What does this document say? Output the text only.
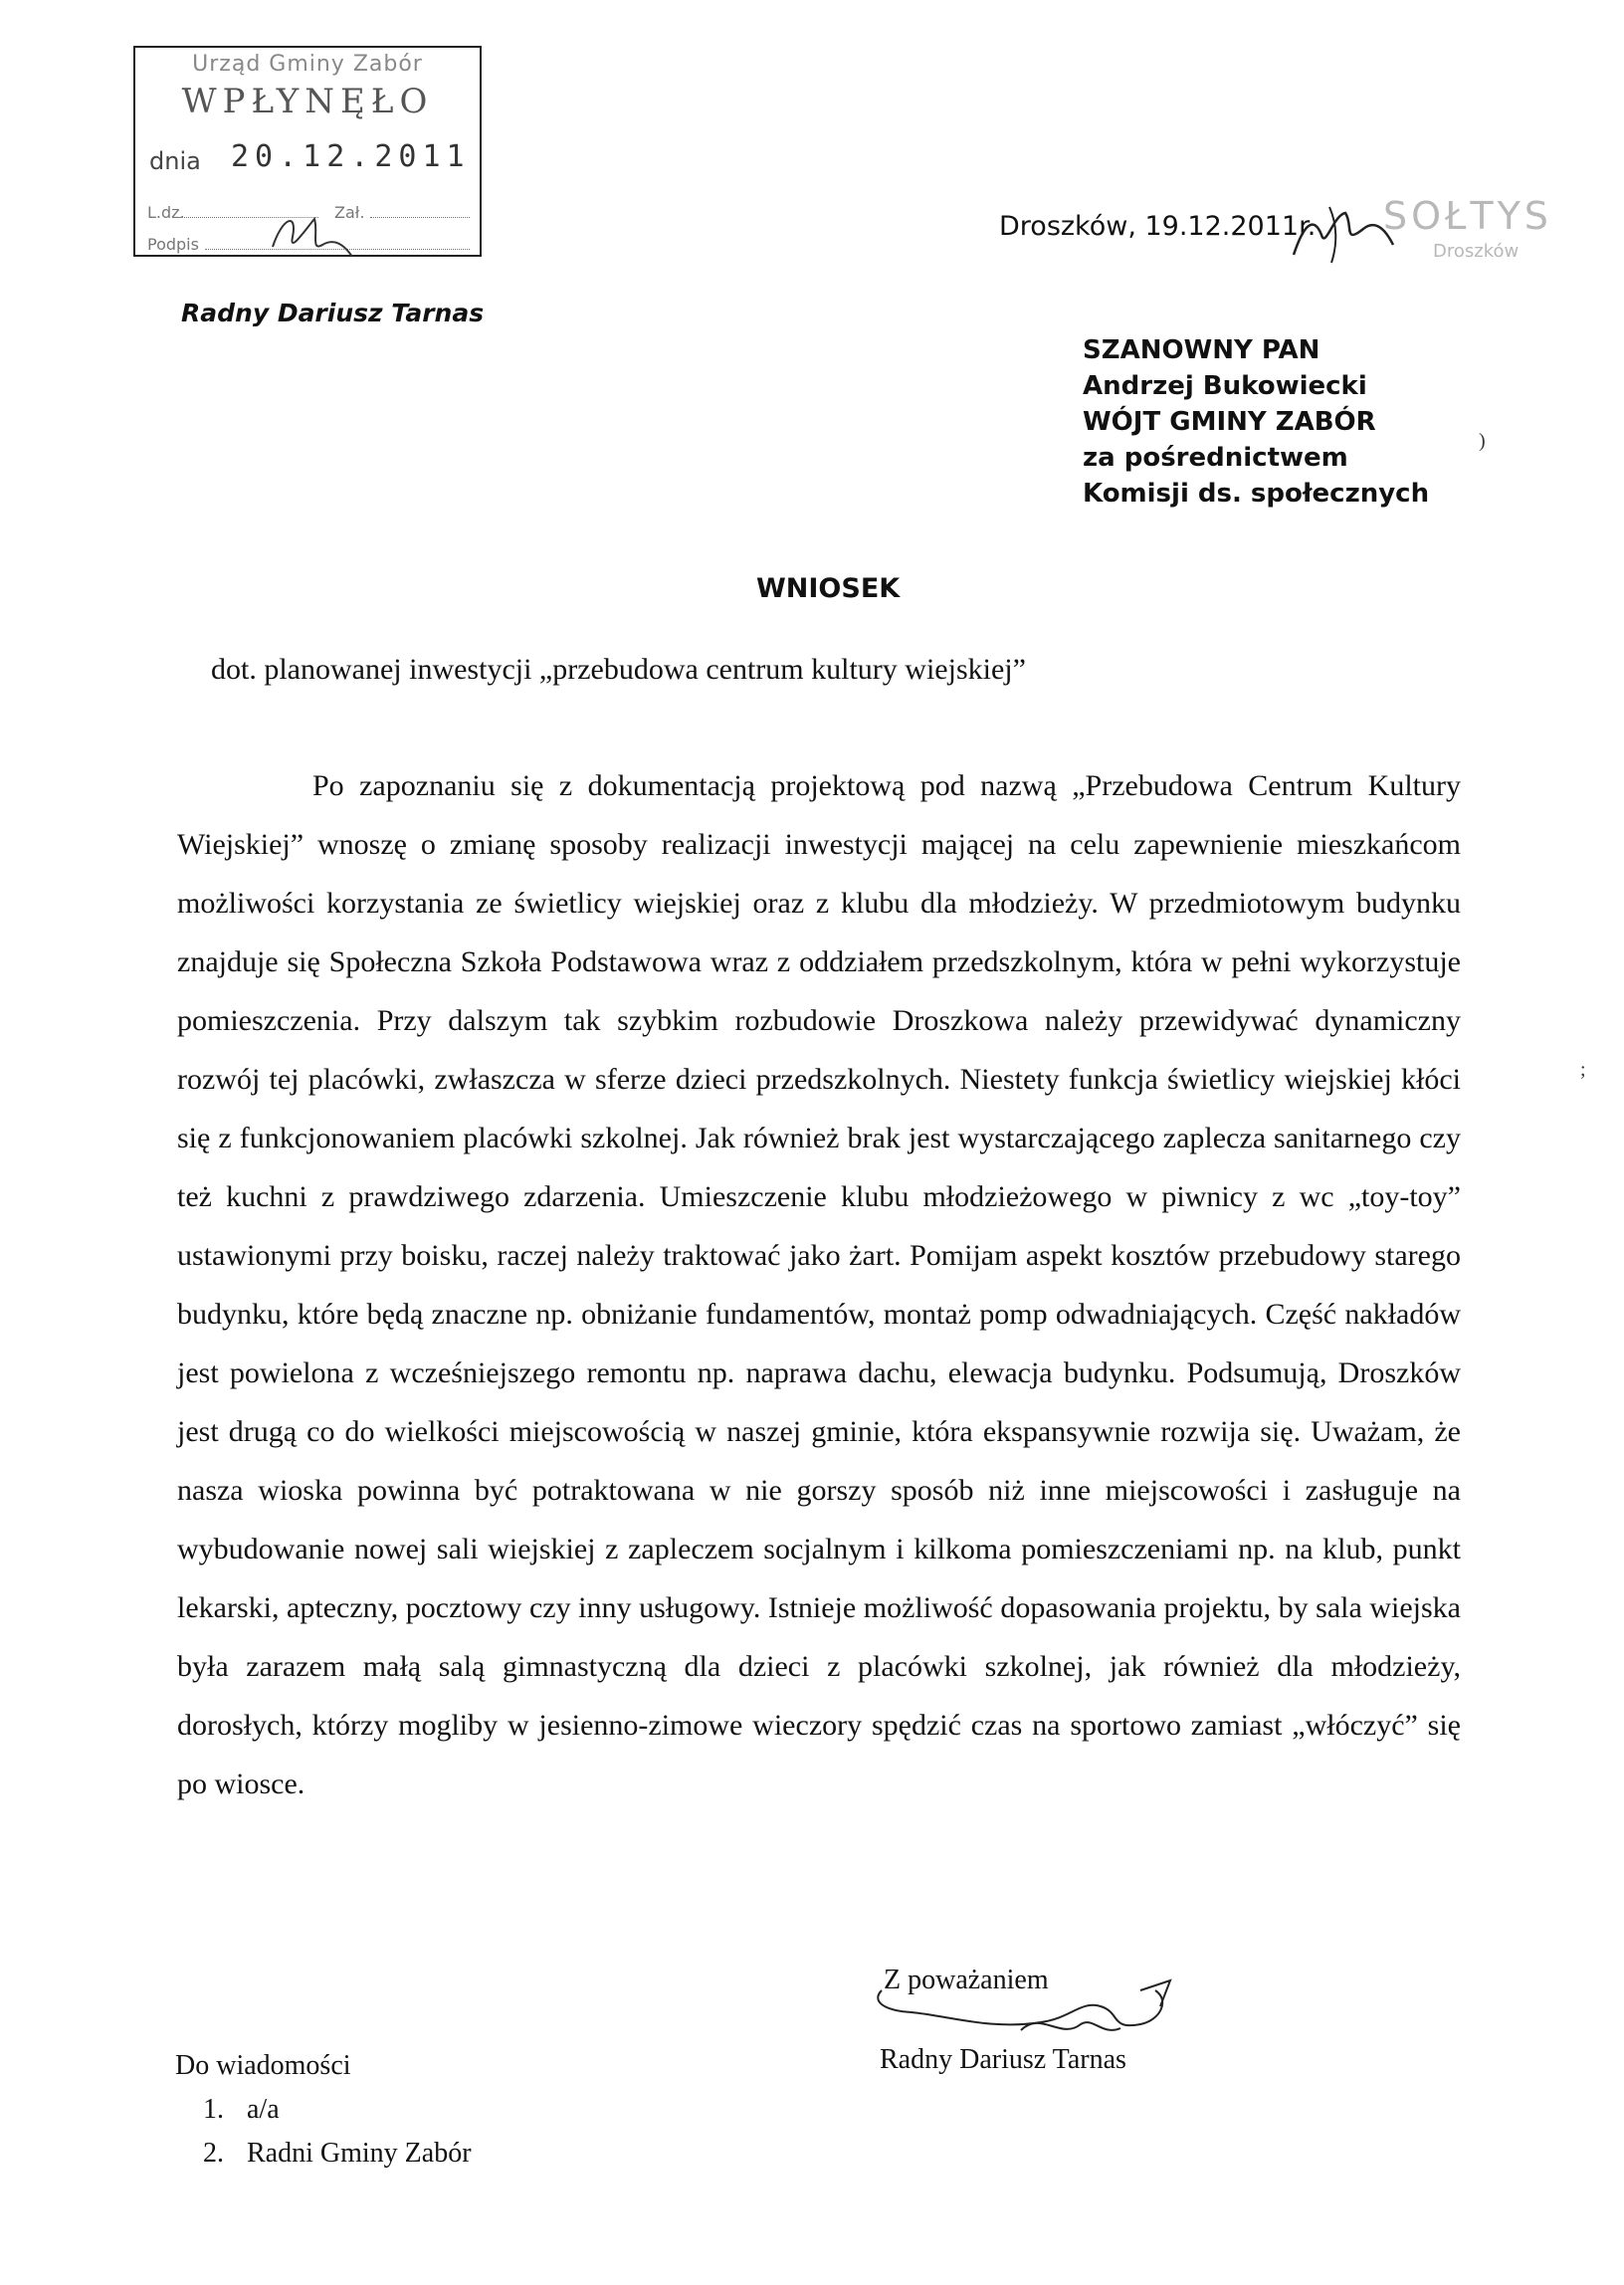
Urząd Gminy Zabór
WPŁYNĘŁO
dnia 20.12.2011
L.dz.	Zał.
Podpis
Radny Dariusz Tarnas
Droszków, 19.12.2011r. SOŁTYS
Droszków
SZANOWNY PAN
Andrzej Bukowiecki
WÓJT GMINY ZABÓR
za pośrednictwem
Komisji ds. społecznych
)
WNIOSEK
dot. planowanej inwestycji „przebudowa centrum kultury wiejskiej”
Po zapoznaniu się z dokumentacją projektową pod nazwą „Przebudowa Centrum Kultury Wiejskiej” wnoszę o zmianę sposoby realizacji inwestycji mającej na celu zapewnienie mieszkańcom możliwości korzystania ze świetlicy wiejskiej oraz z klubu dla młodzieży. W przedmiotowym budynku znajduje się Społeczna Szkoła Podstawowa wraz z oddziałem przedszkolnym, która w pełni wykorzystuje pomieszczenia. Przy dalszym tak szybkim rozbudowie Droszkowa należy przewidywać dynamiczny rozwój tej placówki, zwłaszcza w sferze dzieci przedszkolnych. Niestety funkcja świetlicy wiejskiej kłóci się z funkcjonowaniem placówki szkolnej. Jak również brak jest wystarczającego zaplecza sanitarnego czy też kuchni z prawdziwego zdarzenia. Umieszczenie klubu młodzieżowego w piwnicy z wc „toy-toy” ustawionymi przy boisku, raczej należy traktować jako żart. Pomijam aspekt kosztów przebudowy starego budynku, które będą znaczne np. obniżanie fundamentów, montaż pomp odwadniających. Część nakładów jest powielona z wcześniejszego remontu np. naprawa dachu, elewacja budynku. Podsumują, Droszków jest drugą co do wielkości miejscowością w naszej gminie, która ekspansywnie rozwija się. Uważam, że nasza wioska powinna być potraktowana w nie gorszy sposób niż inne miejscowości i zasługuje na wybudowanie nowej sali wiejskiej z zapleczem socjalnym i kilkoma pomieszczeniami np. na klub, punkt lekarski, apteczny, pocztowy czy inny usługowy. Istnieje możliwość dopasowania projektu, by sala wiejska była zarazem małą salą gimnastyczną dla dzieci z placówki szkolnej, jak również dla młodzieży, dorosłych, którzy mogliby w jesienno-zimowe wieczory spędzić czas na sportowo zamiast „włóczyć” się po wiosce.
;
Z poważaniem
Radny Dariusz Tarnas
Do wiadomości
1. a/a
2. Radni Gminy Zabór
